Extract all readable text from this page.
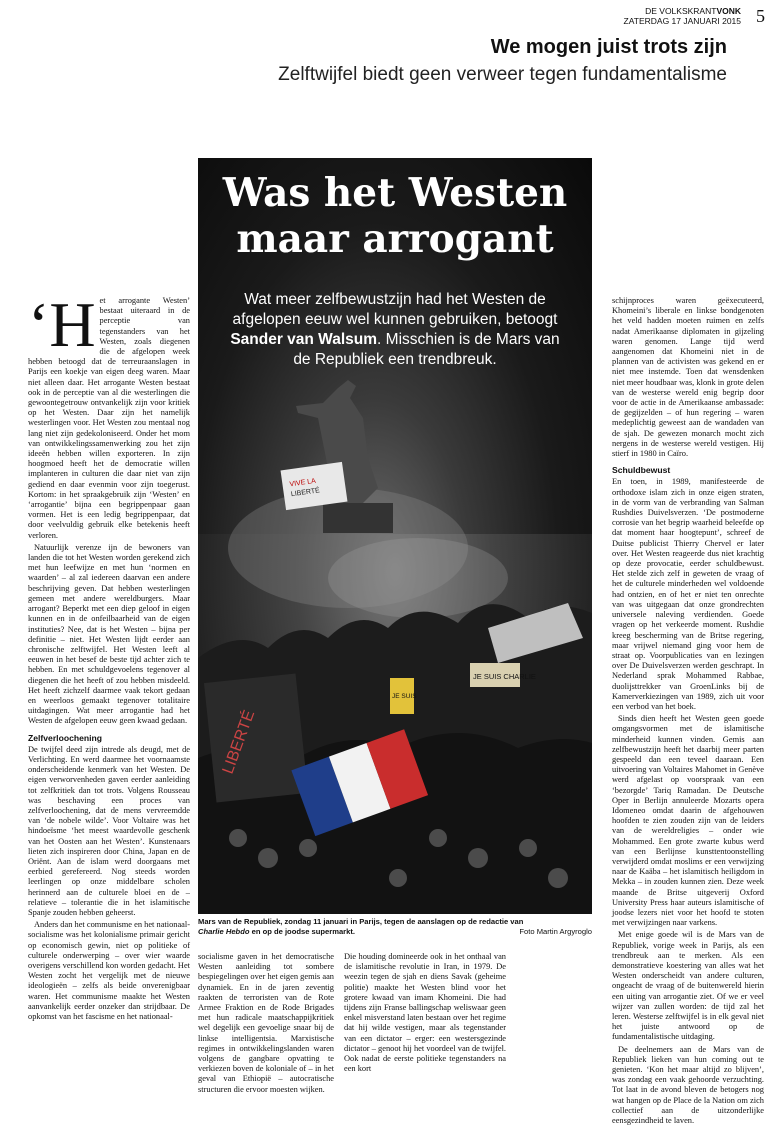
DE VOLKSKRANTVONK
ZATERDAG 17 JANUARI 2015 5
We mogen juist trots zijn
Zelftwijfel biedt geen verweer tegen fundamentalisme
VIVE LA
LIBERTÉ
LIBERTÉ
JE SUIS CHARLIE
JE SUIS
Was het Westen
maar arrogant
Wat meer zelfbewustzijn had het Westen de afgelopen eeuw wel kunnen gebruiken, betoogt Sander van Walsum. Misschien is de Mars van de Republiek een trendbreuk.
Mars van de Republiek, zondag 11 januari in Parijs, tegen de aanslagen op de redactie van
Charlie Hebdo en op de joodse supermarkt.	Foto Martin Argyroglo

‘Het arrogante Westen’ bestaat uiteraard in de perceptie van tegenstanders van het Westen, zoals diegenen die de afgelopen week hebben betoogd dat de terreuraanslagen in Parijs een koekje van eigen deeg waren. Maar niet alleen daar. Het arrogante Westen bestaat ook in de perceptie van al die westerlingen die gewoontegetrouw ontvankelijk zijn voor kritiek op het Westen. Daar zijn het namelijk westerlingen voor. Het Westen zou mentaal nog lang niet zijn gedekoloniseerd. Onder het mom van ontwikkelingssamenwerking zou het zijn ideeën hebben willen exporteren. In zijn hoogmoed heeft het de democratie willen implanteren in culturen die daar niet van zijn gediend en daar evenmin voor zijn toegerust. Kortom: in het spraakgebruik zijn ‘Westen’ en ‘arrogantie’ bijna een begrippenpaar gaan vormen. Het is een ledig begrippenpaar, dat door veelvuldig gebruik elke betekenis heeft verloren.

Natuurlijk verenze ijn de bewoners van landen die tot het Westen worden gerekend zich met hun leefwijze en met hun ‘normen en waarden’ – al zal iedereen daarvan een andere beschrijving geven. Dat hebben westerlingen gemeen met andere wereldburgers. Maar arrogant? Beperkt met een diep geloof in eigen kunnen en in de onfeilbaarheid van de eigen instituties? Nee, dat is het Westen – bijna per definitie – niet. Het Westen lijdt eerder aan chronische zelftwijfel. Het Westen leeft al eeuwen in het besef de beste tijd achter zich te hebben. En met schuldgevoelens tegenover al diegenen die het heeft of zou hebben misdeeld. Het heeft zichzelf daarmee vaak tekort gedaan en weerloos gemaakt tegenover totalitaire uitdagingen. Wat meer arrogantie had het Westen de afgelopen eeuw geen kwaad gedaan.

Zelfverloochening

De twijfel deed zijn intrede als deugd, met de Verlichting. En werd daarmee het voornaamste onderscheidende kenmerk van het Westen. De eigen verworvenheden gaven eerder aanleiding tot zelfkritiek dan tot trots. Volgens Rousseau was beschaving een proces van zelfverloochening, dat de mens vervreemdde van ‘de nobele wilde’. Voor Voltaire was het hindoeïsme ‘het meest waardevolle geschenk van het Oosten aan het Westen’. Kunstenaars lieten zich inspireren door China, Japan en de Oriënt. Aan de islam werd doorgaans met eerbied gerefereerd. Nog steeds worden leerlingen op onze middelbare scholen herinnerd aan de culturele bloei en de – relatieve – tolerantie die in het islamitische Spanje zouden hebben geheerst.

Anders dan het communisme en het nationaal-socialisme was het kolonialisme primair gericht op economisch gewin, niet op politieke of culturele onderwerping – over wier waarde overigens verschillend kon worden gedacht. Het Westen zocht het vergelijk met de nieuwe ideologieën – zelfs als beide onverenigbaar waren. Het communisme maakte het Westen aanvankelijk eerder onzeker dan strijdbaar. De opkomst van het fascisme en het nationaal-

socialisme gaven in het democratische Westen aanleiding tot sombere bespiegelingen over het eigen gemis aan dynamiek. En in de jaren zeventig raakten de terroristen van de Rote Armee Fraktion en de Rode Brigades met hun radicale maatschappijkritiek wel degelijk een gevoelige snaar bij de linkse intelligentsia. Marxistische regimes in ontwikkelingslanden waren volgens de gangbare opvatting te verkiezen boven de koloniale of – in het geval van Ethiopië – autocratische structuren die ervoor moesten wijken.

Die houding domineerde ook in het onthaal van de islamitische revolutie in Iran, in 1979. De weezin tegen de sjah en diens Savak (geheime politie) maakte het Westen blind voor het grotere kwaad van imam Khomeini. Die had tijdens zijn Franse ballingschap weliswaar geen enkel misverstand laten bestaan over het regime dat hij wilde vestigen, maar als tegenstander van een dictator – erger: een westersgezinde dictator – genoot hij het voordeel van de twijfel. Ook nadat de eerste politieke tegenstanders na een kort

schijnproces waren geëxecuteerd, Khomeini’s liberale en linkse bondgenoten het veld hadden moeten ruimen en zelfs nadat Amerikaanse diplomaten in gijzeling waren genomen. Lange tijd werd aangenomen dat Khomeini niet in de plannen van de activisten was gekend en er niet mee instemde. Toen dat wensdenken niet meer houdbaar was, klonk in grote delen van de westerse wereld enig begrip door voor de actie in de Amerikaanse ambassade: de gegijzelden – of hun regering – waren medeplichtig geweest aan de wandaden van de sjah. De gewezen monarch mocht zich nergens in de westerse wereld vestigen. Hij stierf in 1980 in Caïro.

Schuldbewust

En toen, in 1989, manifesteerde de orthodoxe islam zich in onze eigen straten, in de vorm van de verbranding van Salman Rushdies Duivelsverzen. ‘De postmoderne corrosie van het begrip waarheid beleefde op dat moment haar hoogtepunt’, schreef de Duitse publicist Thierry Chervel er later over. Het Westen reageerde dus niet krachtig op deze provocatie, eerder schuldbewust. Het stelde zich zelf in geweten de vraag of het de culturele minderheden wel voldoende had ontzien, en of het er niet ten onrechte van was uitgegaan dat onze grondrechten universele naleving verdienden. Goede vragen op het verkeerde moment. Rushdie kreeg bescherming van de Britse regering, maar vrijwel niemand ging voor hem de straat op. Voorpublicaties van en lezingen over De Duivelsverzen werden geschrapt. In Nederland sprak Mohammed Rabbae, duolijsttrekker van GroenLinks bij de Kamerverkiezingen van 1989, zich uit voor een verbod van het boek.

Sinds dien heeft het Westen geen goede omgangsvormen met de islamitische minderheid kunnen vinden. Gemis aan zelfbewustzijn heeft het daarbij meer parten gespeeld dan een teveel daaraan. Een uitvoering van Voltaires Mahomet in Genève werd afgelast op voorspraak van een ‘bezorgde’ Tariq Ramadan. De Deutsche Oper in Berlijn annuleerde Mozarts opera Idomeneo omdat daarin de afgehouwen hoofden te zien zouden zijn van de leiders van de wereldreligies – onder wie Mohammed. Een grote zwarte kubus werd van een Berlijnse kunsttentoonstelling verwijderd omdat moslims er een verwijzing naar de Kaäba – het islamitisch heiligdom in Mekka – in zouden kunnen zien. Deze week maande de Britse uitgeverij Oxford University Press haar auteurs islamitische of joodse lezers niet voor het hoofd te stoten met verwijzingen naar varkens.

Met enige goede wil is de Mars van de Republiek, vorige week in Parijs, als een trendbreuk aan te merken. Als een demonstratieve koestering van alles wat het Westen onderscheidt van andere culturen, ongeacht de vraag of de buitenwereld hierin een uiting van arrogantie ziet. Of we er veel wijzer van zullen worden: de tijd zal het leren. Westerse zelftwijfel is in elk geval niet het juiste antwoord op de fundamentalistische uitdaging.

De deelnemers aan de Mars van de Republiek lieken van hun coming out te genieten. ‘Kon het maar altijd zo blijven’, was zondag een vaak gehoorde verzuchting. Tot laat in de avond bleven de betogers nog wat hangen op de Place de la Nation om zich collectief aan de uitzonderlijke eensgezindheid te laven.
